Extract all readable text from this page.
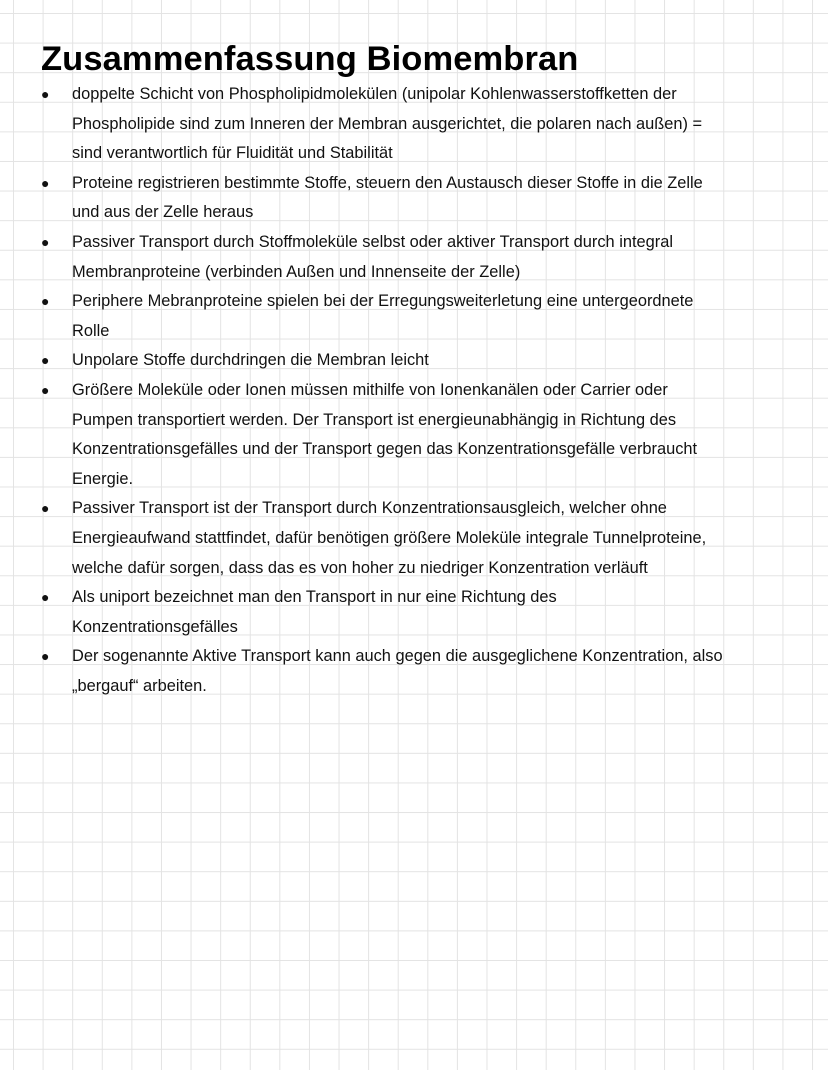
Zusammenfassung Biomembran
● doppelte Schicht von Phospholipidmolekülen (unipolar Kohlenwasserstoffketten der
Phospholipide sind zum Inneren der Membran ausgerichtet, die polaren nach außen) =
sind verantwortlich für Fluidität und Stabilität
● Proteine registrieren bestimmte Stoffe, steuern den Austausch dieser Stoffe in die Zelle
und aus der Zelle heraus
● Passiver Transport durch Stoffmoleküle selbst oder aktiver Transport durch integral
Membranproteine (verbinden Außen und Innenseite der Zelle)
● Periphere Mebranproteine spielen bei der Erregungsweiterletung eine untergeordnete
Rolle
● Unpolare Stoffe durchdringen die Membran leicht
● Größere Moleküle oder Ionen müssen mithilfe von Ionenkanälen oder Carrier oder
Pumpen transportiert werden. Der Transport ist energieunabhängig in Richtung des
Konzentrationsgefälles und der Transport gegen das Konzentrationsgefälle verbraucht
Energie.
● Passiver Transport ist der Transport durch Konzentrationsausgleich, welcher ohne
Energieaufwand stattfindet, dafür benötigen größere Moleküle integrale Tunnelproteine,
welche dafür sorgen, dass das es von hoher zu niedriger Konzentration verläuft
● Als uniport bezeichnet man den Transport in nur eine Richtung des
Konzentrationsgefälles
● Der sogenannte Aktive Transport kann auch gegen die ausgeglichene Konzentration, also
„bergauf“ arbeiten.
